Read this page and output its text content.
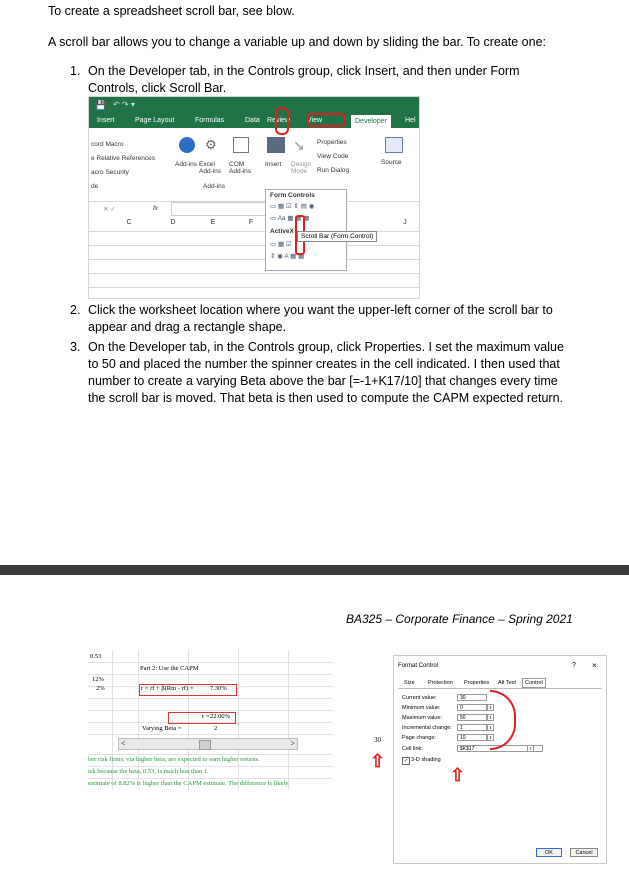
To create a spreadsheet scroll bar, see blow.
A scroll bar allows you to change a variable up and down by sliding the bar. To create one:
1. On the Developer tab, in the Controls group, click Insert, and then under Form Controls, click Scroll Bar.
💾 ↶ ↷ ▾
Insert	Page Layout	Formulas	Data Review View	Developer	Hel
cord Macro
e Relative References
acro Security
de
⚙
Add-ins Excel Add-ins
COM Add-ins
Add-ins
Insert
↘
Design Mode
Properties
View Code
Run Dialog
Source
✕ ✓	fx
C	D	E	F	J
Form Controls
▭ ▦ ☑ ⇕ ▤ ◉
▭ Aa ▦ ▦ ▦
ActiveX
▭ ▦ ☑
⇕ ◉ A ▦ ▦
Scroll Bar (Form Control)
2. Click the worksheet location where you want the upper-left corner of the scroll bar to appear and drag a rectangle shape.
3. On the Developer tab, in the Controls group, click Properties. I set the maximum value to 50 and placed the number the spinner creates in the cell indicated. I then used that number to create a varying Beta above the bar [=-1+K17/10] that changes every time the scroll bar is moved. That beta is then used to compute the CAPM expected return.
BA325 – Corporate Finance – Spring 2021
0.53
12%
2%
Part 2: Use the CAPM
r = rf + β(Rm - rf) =	7.30%
r = 22.00%
Varying Beta =	2
<	>
her risk firms, via higher beta, are expected to earn higher returns.
isk because the beta, 0.53, is much less than 1.
estimate of 8.82% is higher than the CAPM estimate. The difference is likely
30
⇧
Format Control	? ×
Size Protection Properties Alt Text	Control
Current value:	30
Minimum value:	0	⇕
Maximum value:	50	⇕
Incremental change:	1	⇕
Page change:	10	⇕
Cell link:	$K$17	⇧
✓ 3-D shading
⇧
OK	Cancel
